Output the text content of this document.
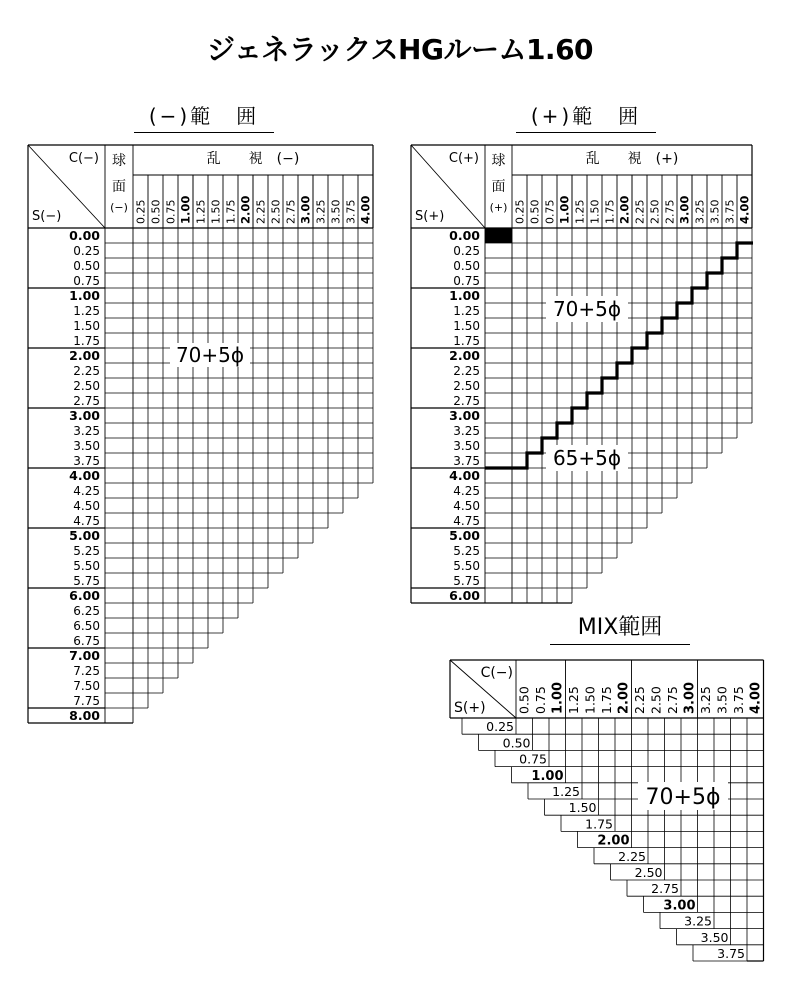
ジェネラックスHGルーム1.60
(−)範　囲	(+)範　囲
MIX範囲
C(−)
S(−)
球
面
(−)
乱　　視　(−)
0.25 0.50 0.75 1.00 1.25 1.50 1.75 2.00 2.25 2.50 2.75 3.00 3.25 3.50 3.75 4.00
0.00
0.25
0.50
0.75
1.00
1.25
1.50
1.75
2.00
2.25
2.50
2.75
3.00
3.25
3.50
3.75
4.00
4.25
4.50
4.75
5.00
5.25
5.50
5.75
6.00
6.25
6.50
6.75
7.00
7.25
7.50
7.75
8.00
70+5ϕ
C(+)
S(+)
球
面
(+)
乱　　視　(+)
0.25 0.50 0.75 1.00 1.25 1.50 1.75 2.00 2.25 2.50 2.75 3.00 3.25 3.50 3.75 4.00
0.00
0.25
0.50
0.75
1.00
1.25
1.50
1.75
2.00
2.25
2.50
2.75
3.00
3.25
3.50
3.75
4.00
4.25
4.50
4.75
5.00
5.25
5.50
5.75
6.00
70+5ϕ
65+5ϕ
C(−)
S(+) 0.50 0.75 1.00 1.25 1.50 1.75 2.00 2.25 2.50 2.75 3.00 3.25 3.50 3.75 4.00
0.25
0.50
0.75
1.00
1.25
1.50
1.75
2.00
2.25
2.50
2.75
3.00
3.25
3.50
3.75
70+5ϕ
